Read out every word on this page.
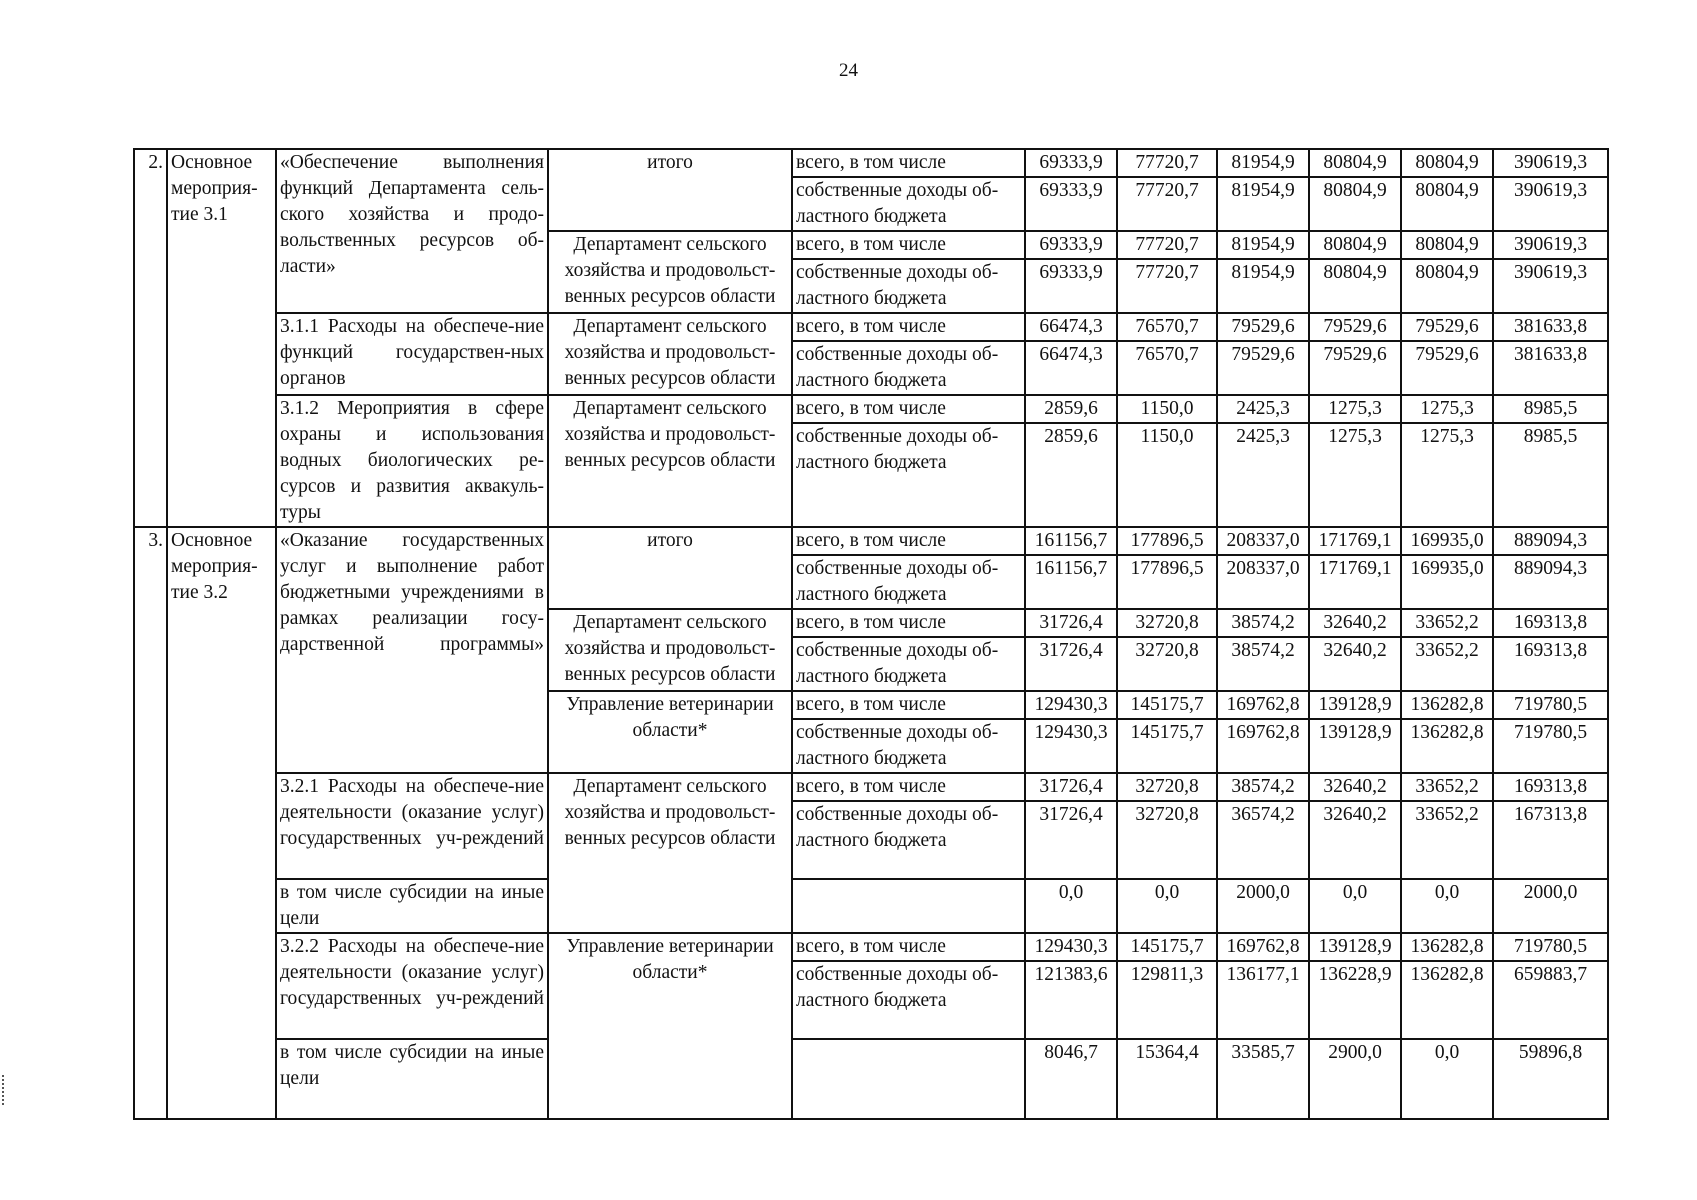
24
2.	Основное мероприя-тие 3.1	«Обеспечение выполнения функций Департамента сель-ского хозяйства и продо-вольственных ресурсов об-ласти»	итого	всего, в том числе	69333,9	77720,7	81954,9	80804,9	80804,9	390619,3	
				собственные доходы об-ластного бюджета	69333,9	77720,7	81954,9	80804,9	80804,9	390619,3	
			Департамент сельского хозяйства и продовольст-венных ресурсов области	всего, в том числе	69333,9	77720,7	81954,9	80804,9	80804,9	390619,3	
				собственные доходы об-ластного бюджета	69333,9	77720,7	81954,9	80804,9	80804,9	390619,3	
		3.1.1 Расходы на обеспече-ние функций государствен-ных органов	Департамент сельского хозяйства и продовольст-венных ресурсов области	всего, в том числе	66474,3	76570,7	79529,6	79529,6	79529,6	381633,8	
				собственные доходы об-ластного бюджета	66474,3	76570,7	79529,6	79529,6	79529,6	381633,8	
		3.1.2 Мероприятия в сфере охраны и использования водных биологических ре-сурсов и развития аквакуль-туры	Департамент сельского хозяйства и продовольст-венных ресурсов области	всего, в том числе	2859,6	1150,0	2425,3	1275,3	1275,3	8985,5	
				собственные доходы об-ластного бюджета	2859,6	1150,0	2425,3	1275,3	1275,3	8985,5	
3.	Основное мероприя-тие 3.2	«Оказание государственных услуг и выполнение работ бюджетными учреждениями в рамках реализации госу-дарственной программы»	итого	всего, в том числе	161156,7	177896,5	208337,0	171769,1	169935,0	889094,3	
				собственные доходы об-ластного бюджета	161156,7	177896,5	208337,0	171769,1	169935,0	889094,3	
			Департамент сельского хозяйства и продовольст-венных ресурсов области	всего, в том числе	31726,4	32720,8	38574,2	32640,2	33652,2	169313,8	
				собственные доходы об-ластного бюджета	31726,4	32720,8	38574,2	32640,2	33652,2	169313,8	
			Управление ветеринарии области*	всего, в том числе	129430,3	145175,7	169762,8	139128,9	136282,8	719780,5	
				собственные доходы об-ластного бюджета	129430,3	145175,7	169762,8	139128,9	136282,8	719780,5	
		3.2.1 Расходы на обеспече-ние деятельности (оказание услуг) государственных уч-реждений	Департамент сельского хозяйства и продовольст-венных ресурсов области	всего, в том числе	31726,4	32720,8	38574,2	32640,2	33652,2	169313,8	
				собственные доходы об-ластного бюджета	31726,4	32720,8	36574,2	32640,2	33652,2	167313,8	
		в том числе субсидии на иные цели			0,0	0,0	2000,0	0,0	0,0	2000,0	
		3.2.2 Расходы на обеспече-ние деятельности (оказание услуг) государственных уч-реждений	Управление ветеринарии области*	всего, в том числе	129430,3	145175,7	169762,8	139128,9	136282,8	719780,5	
				собственные доходы об-ластного бюджета	121383,6	129811,3	136177,1	136228,9	136282,8	659883,7	
		в том числе субсидии на иные цели			8046,7	15364,4	33585,7	2900,0	0,0	59896,8	
